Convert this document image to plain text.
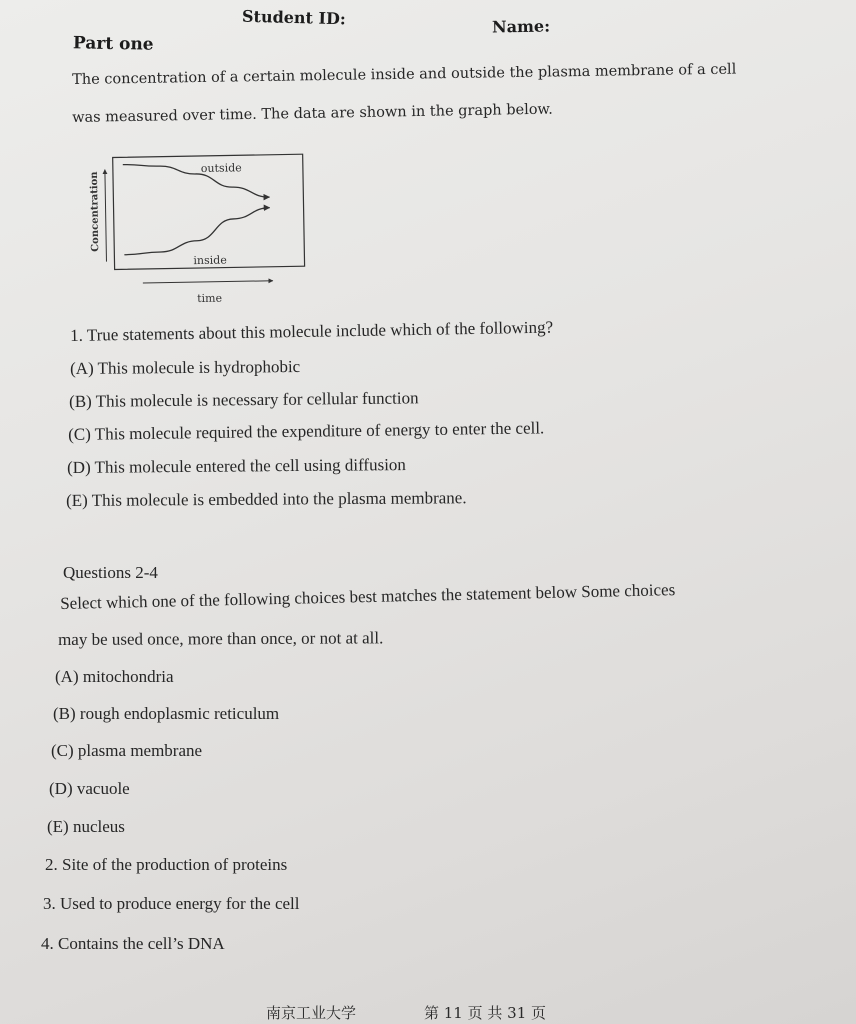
Student ID:	Name:
Part one
The concentration of a certain molecule inside and outside the plasma membrane of a cell
was measured over time. The data are shown in the graph below.
outside
inside
time
Concentration
1. True statements about this molecule include which of the following?
(A) This molecule is hydrophobic
(B) This molecule is necessary for cellular function
(C) This molecule required the expenditure of energy to enter the cell.
(D) This molecule entered the cell using diffusion
(E) This molecule is embedded into the plasma membrane.
Questions 2-4
Select which one of the following choices best matches the statement below Some choices
may be used once, more than once, or not at all.
(A) mitochondria
(B) rough endoplasmic reticulum
(C) plasma membrane
(D) vacuole
(E) nucleus
2. Site of the production of proteins
3. Used to produce energy for the cell
4. Contains the cell’s DNA
南京工业大学	第 11 页 共 31 页
